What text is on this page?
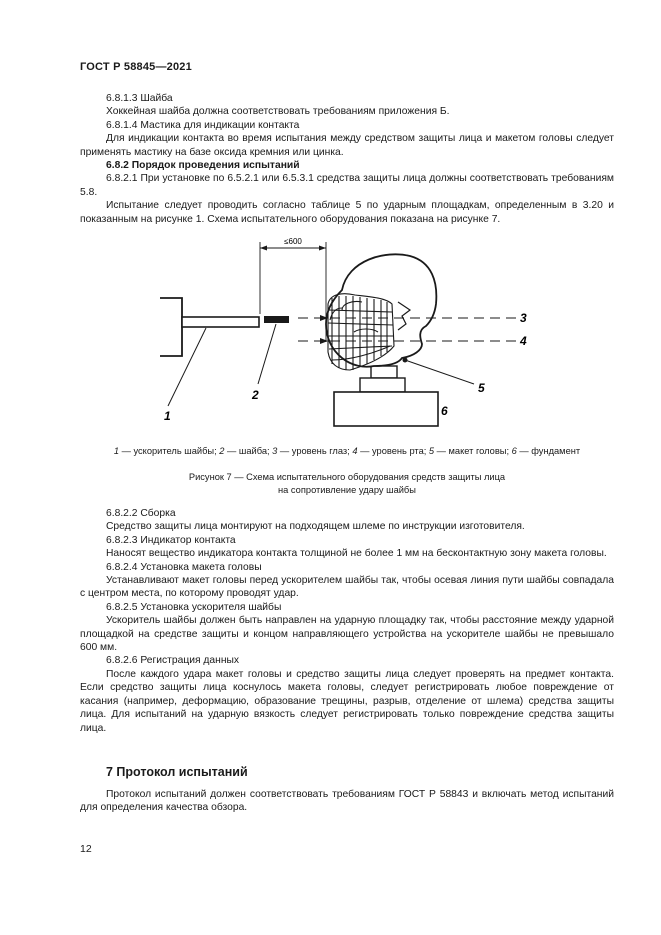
ГОСТ Р 58845—2021

6.8.1.3 Шайба

Хоккейная шайба должна соответствовать требованиям приложения Б.

6.8.1.4 Мастика для индикации контакта

Для индикации контакта во время испытания между средством защиты лица и макетом головы следует применять мастику на базе оксида кремния или цинка.

6.8.2 Порядок проведения испытаний

6.8.2.1 При установке по 6.5.2.1 или 6.5.3.1 средства защиты лица должны соответствовать требованиям 5.8.

Испытание следует проводить согласно таблице 5 по ударным площадкам, определенным в 3.20 и показанным на рисунке 1. Схема испытательного оборудования показана на рисунке 7.

≤600
1
2
3
4
5
6
1 — ускоритель шайбы; 2 — шайба; 3 — уровень глаз; 4 — уровень рта; 5 — макет головы; 6 — фундамент
Рисунок 7 — Схема испытательного оборудования средств защиты лица
на сопротивление удару шайбы

6.8.2.2 Сборка

Средство защиты лица монтируют на подходящем шлеме по инструкции изготовителя.

6.8.2.3 Индикатор контакта

Наносят вещество индикатора контакта толщиной не более 1 мм на бесконтактную зону макета головы.

6.8.2.4 Установка макета головы

Устанавливают макет головы перед ускорителем шайбы так, чтобы осевая линия пути шайбы совпадала с центром места, по которому проводят удар.

6.8.2.5 Установка ускорителя шайбы

Ускоритель шайбы должен быть направлен на ударную площадку так, чтобы расстояние между ударной площадкой на средстве защиты и концом направляющего устройства на ускорителе шайбы не превышало 600 мм.

6.8.2.6 Регистрация данных

После каждого удара макет головы и средство защиты лица следует проверять на предмет контакта. Если средство защиты лица коснулось макета головы, следует регистрировать любое повреждение от касания (например, деформацию, образование трещины, разрыв, отделение от шлема) средства защиты лица. Для испытаний на ударную вязкость следует регистрировать только повреждение средства защиты лица.

7 Протокол испытаний

Протокол испытаний должен соответствовать требованиям ГОСТ Р 58843 и включать метод испытаний для определения качества обзора.

12
